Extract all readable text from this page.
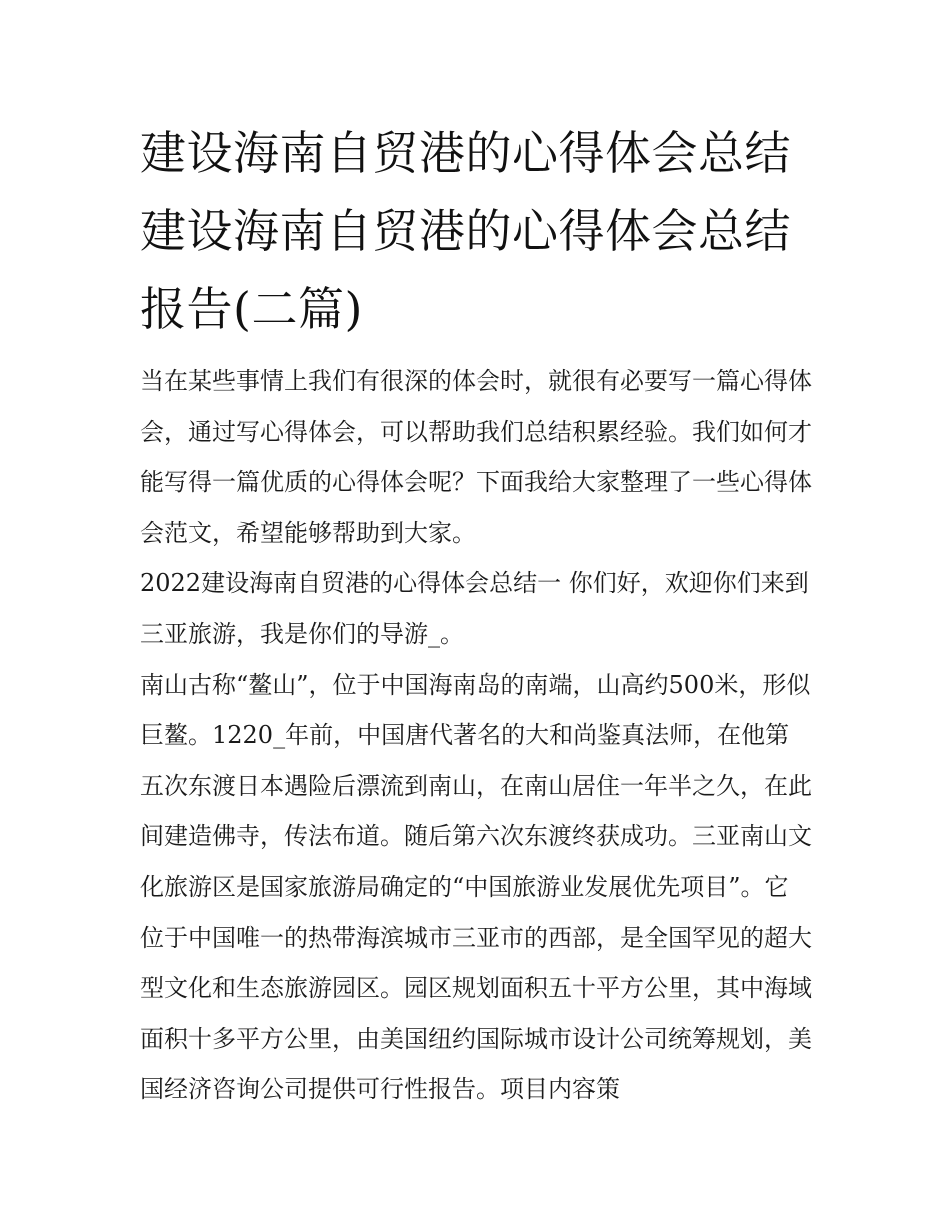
建设海南自贸港的心得体会总结 建设海南自贸港的心得体会总结报告(二篇)

当在某些事情上我们有很深的体会时，就很有必要写一篇心得体会，通过写心得体会，可以帮助我们总结积累经验。我们如何才能写得一篇优质的心得体会呢？下面我给大家整理了一些心得体会范文，希望能够帮助到大家。

2022建设海南自贸港的心得体会总结一 你们好，欢迎你们来到三亚旅游，我是你们的导游_。

南山古称“鳌山”，位于中国海南岛的南端，山高约500米，形似巨鳌。1220_年前，中国唐代著名的大和尚鉴真法师，在他第五次东渡日本遇险后漂流到南山，在南山居住一年半之久，在此间建造佛寺，传法布道。随后第六次东渡终获成功。三亚南山文化旅游区是国家旅游局确定的“中国旅游业发展优先项目”。它位于中国唯一的热带海滨城市三亚市的西部，是全国罕见的超大型文化和生态旅游园区。园区规划面积五十平方公里，其中海域面积十多平方公里，由美国纽约国际城市设计公司统筹规划，美国经济咨询公司提供可行性报告。项目内容策
